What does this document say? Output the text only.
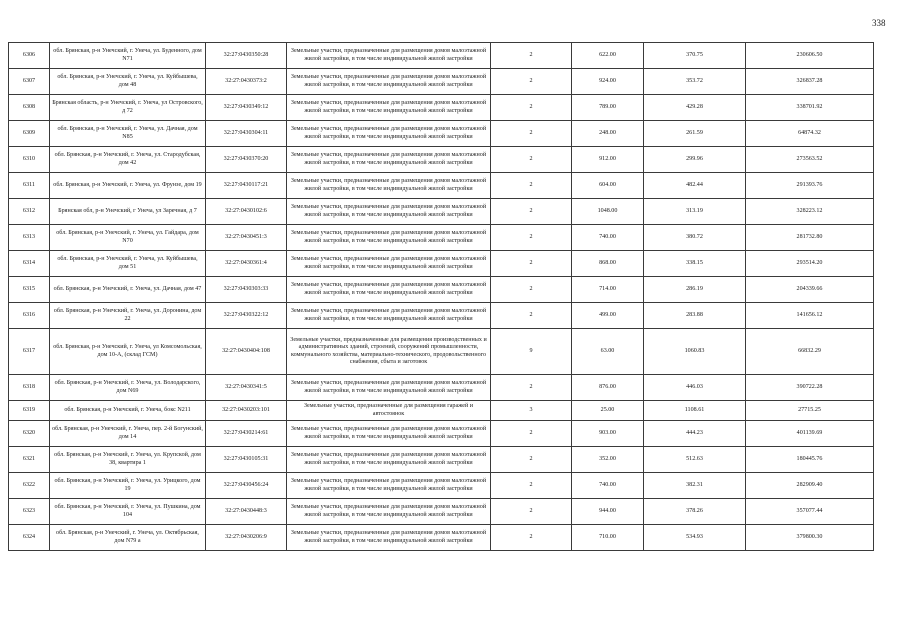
338
6306	обл. Брянская, р-н Унечский, г. Унеча, ул. Буденного, дом N71	32:27:0430350:28	Земельные участки, предназначенные для размещения домов малоэтажной жилой застройки, в том числе индивидуальной жилой застройки	2	622.00	370.75	230606.50
6307	обл. Брянская, р-н Унечский, г. Унеча, ул. Куйбышева, дом 48	32:27:0430373:2	Земельные участки, предназначенные для размещения домов малоэтажной жилой застройки, в том числе индивидуальной жилой застройки	2	924.00	353.72	326837.28
6308	Брянская область, р-н Унечский, г. Унеча, ул Островского, д 72	32:27:0430349:12	Земельные участки, предназначенные для размещения домов малоэтажной жилой застройки, в том числе индивидуальной жилой застройки	2	789.00	429.28	338701.92
6309	обл. Брянская, р-н Унечский, г. Унеча, ул. Дачная, дом N85	32:27:0430304:11	Земельные участки, предназначенные для размещения домов малоэтажной жилой застройки, в том числе индивидуальной жилой застройки	2	248.00	261.59	64874.32
6310	обл. Брянская, р-н Унечский, г. Унеча, ул. Стародубская, дом 42	32:27:0430370:20	Земельные участки, предназначенные для размещения домов малоэтажной жилой застройки, в том числе индивидуальной жилой застройки	2	912.00	299.96	273563.52
6311	обл. Брянская, р-н Унечский, г. Унеча, ул. Фрунзе, дом 19	32:27:0430117:21	Земельные участки, предназначенные для размещения домов малоэтажной жилой застройки, в том числе индивидуальной жилой застройки	2	604.00	482.44	291393.76
6312	Брянская обл, р-н Унечский, г Унеча, ул Заречная, д 7	32:27:0430102:6	Земельные участки, предназначенные для размещения домов малоэтажной жилой застройки, в том числе индивидуальной жилой застройки	2	1048.00	313.19	328223.12
6313	обл. Брянская, р-н Унечский, г. Унеча, ул. Гайдара, дом N70	32:27:0430451:3	Земельные участки, предназначенные для размещения домов малоэтажной жилой застройки, в том числе индивидуальной жилой застройки	2	740.00	380.72	281732.80
6314	обл. Брянская, р-н Унечский, г. Унеча, ул. Куйбышева, дом 51	32:27:0430361:4	Земельные участки, предназначенные для размещения домов малоэтажной жилой застройки, в том числе индивидуальной жилой застройки	2	868.00	338.15	293514.20
6315	обл. Брянская, р-н Унечский, г. Унеча, ул. Дачная, дом 47	32:27:0430303:33	Земельные участки, предназначенные для размещения домов малоэтажной жилой застройки, в том числе индивидуальной жилой застройки	2	714.00	286.19	204339.66
6316	обл. Брянская, р-н Унечский, г. Унеча, ул. Доронина, дом 22	32:27:0430322:12	Земельные участки, предназначенные для размещения домов малоэтажной жилой застройки, в том числе индивидуальной жилой застройки	2	499.00	283.88	141656.12
6317	обл. Брянская, р-н Унечский, г. Унеча, ул Комсомольская, дом 10-А, (склад ГСМ)	32:27:0430404:108	Земельные участки, предназначенные для размещения производственных и административных зданий, строений, сооружений промышленности, коммунального хозяйства, материально-технического, продовольственного снабжения, сбыта и заготовок	9	63.00	1060.83	66832.29
6318	обл. Брянская, р-н Унечский, г. Унеча, ул. Володарского, дом N69	32:27:0430341:5	Земельные участки, предназначенные для размещения домов малоэтажной жилой застройки, в том числе индивидуальной жилой застройки	2	876.00	446.03	390722.28
6319	обл. Брянская, р-н Унечский, г. Унеча, бокс N211	32:27:0430203:101	Земельные участки, предназначенные для размещения гаражей и автостоянок	3	25.00	1108.61	27715.25
6320	обл. Брянская, р-н Унечский, г. Унеча, пер. 2-й Богунский, дом 14	32:27:0430214:61	Земельные участки, предназначенные для размещения домов малоэтажной жилой застройки, в том числе индивидуальной жилой застройки	2	903.00	444.23	401139.69
6321	обл. Брянская, р-н Унечский, г. Унеча, ул. Крупской, дом 38, квартира 1	32:27:0430105:31	Земельные участки, предназначенные для размещения домов малоэтажной жилой застройки, в том числе индивидуальной жилой застройки	2	352.00	512.63	180445.76
6322	обл. Брянская, р-н Унечский, г. Унеча, ул. Урицкого, дом 19	32:27:0430456:24	Земельные участки, предназначенные для размещения домов малоэтажной жилой застройки, в том числе индивидуальной жилой застройки	2	740.00	382.31	282909.40
6323	обл. Брянская, р-н Унечский, г. Унеча, ул. Пушкина, дом 104	32:27:0430448:3	Земельные участки, предназначенные для размещения домов малоэтажной жилой застройки, в том числе индивидуальной жилой застройки	2	944.00	378.26	357077.44
6324	обл. Брянская, р-н Унечский, г. Унеча, ул. Октябрьская, дом N79 а	32:27:0430206:9	Земельные участки, предназначенные для размещения домов малоэтажной жилой застройки, в том числе индивидуальной жилой застройки	2	710.00	534.93	379800.30
